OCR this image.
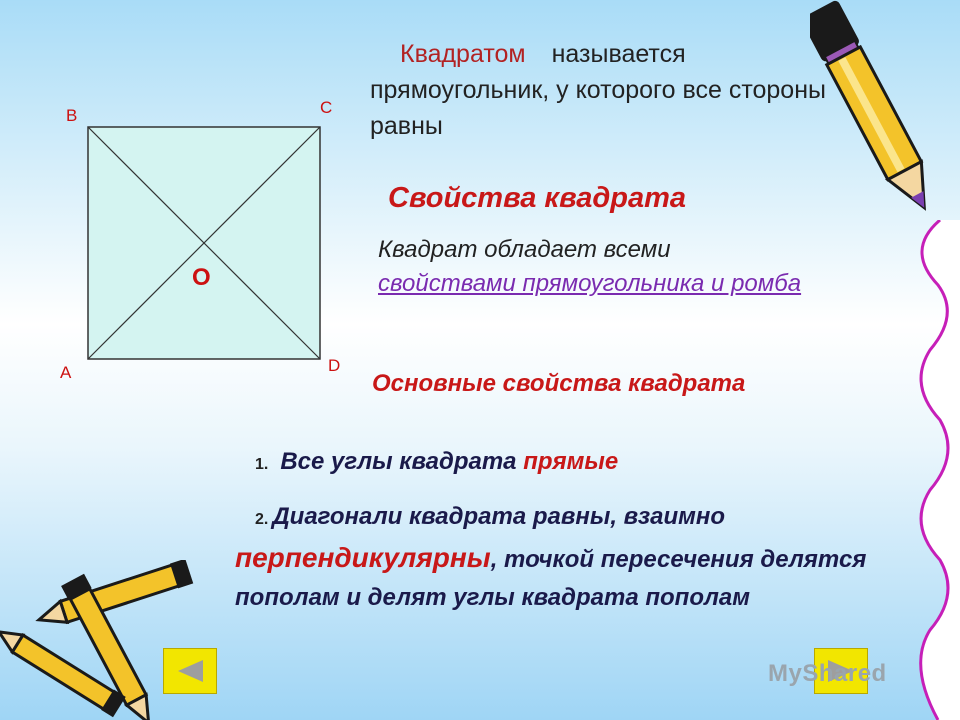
В	С
А	D
О
Квадратом называется прямоугольник, у которого все стороны равны
Свойства квадрата
Квадрат обладает всеми
свойствами прямоугольника и ромба
Основные свойства квадрата
1. Все углы квадрата прямые
2. Диагонали квадрата равны, взаимно
перпендикулярны, точкой пересечения делятся пополам и делят углы квадрата пополам
MyShared
